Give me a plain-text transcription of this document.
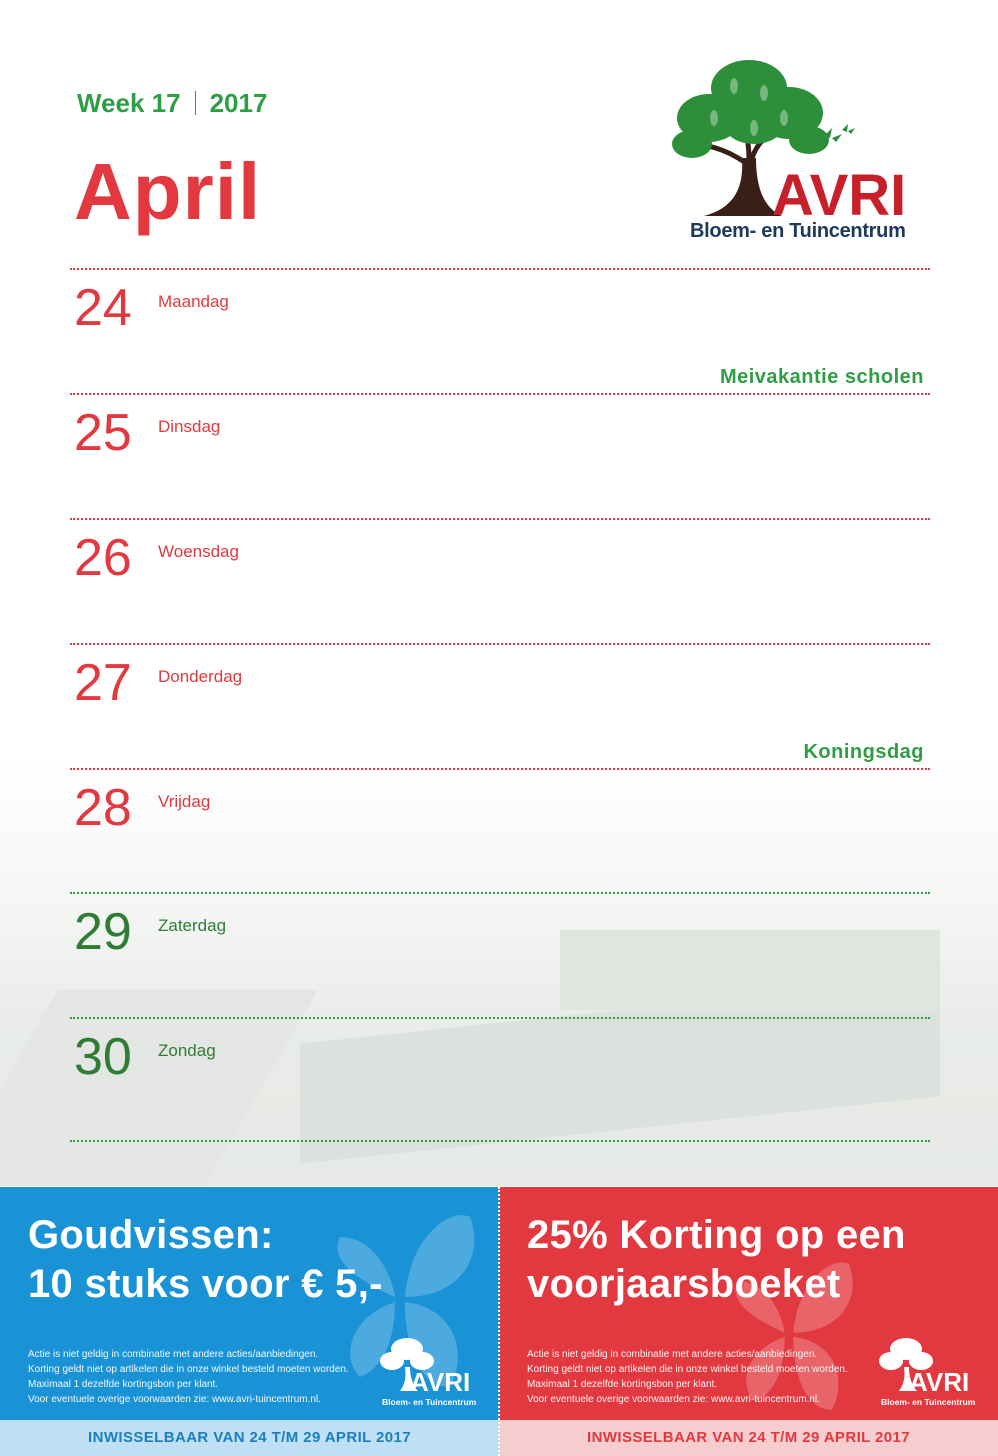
Week 17 2017
April	AVRI
Bloem- en Tuincentrum
24 Maandag
Meivakantie scholen
25 Dinsdag
26 Woensdag
27 Donderdag
Koningsdag
28 Vrijdag
29 Zaterdag
30 Zondag
Goudvissen:
10 stuks voor € 5,-
Actie is niet geldig in combinatie met andere acties/aanbiedingen.
Korting geldt niet op artikelen die in onze winkel besteld moeten worden.
Maximaal 1 dezelfde kortingsbon per klant.
Voor eventuele overige voorwaarden zie: www.avri-tuincentrum.nl.
AVRI
Bloem- en Tuincentrum
25% Korting op een
voorjaarsboeket
Actie is niet geldig in combinatie met andere acties/aanbiedingen.
Korting geldt niet op artikelen die in onze winkel besteld moeten worden.
Maximaal 1 dezelfde kortingsbon per klant.
Voor eventuele overige voorwaarden zie: www.avri-tuincentrum.nl.
AVRI
Bloem- en Tuincentrum
INWISSELBAAR VAN 24 T/M 29 APRIL 2017	INWISSELBAAR VAN 24 T/M 29 APRIL 2017
